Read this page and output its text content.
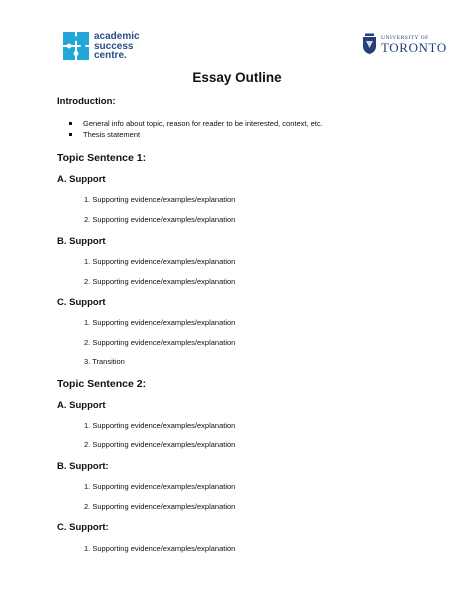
academic
success
centre.
UNIVERSITY OF
TORONTO
Essay Outline
Introduction:
General info about topic, reason for reader to be interested, context, etc.
Thesis statement
Topic Sentence 1:
A. Support
1. Supporting evidence/examples/explanation
2. Supporting evidence/examples/explanation
B. Support
1. Supporting evidence/examples/explanation
2. Supporting evidence/examples/explanation
C. Support
1. Supporting evidence/examples/explanation
2. Supporting evidence/examples/explanation
3. Transition
Topic Sentence 2:
A. Support
1. Supporting evidence/examples/explanation
2. Supporting evidence/examples/explanation
B. Support:
1. Supporting evidence/examples/explanation
2. Supporting evidence/examples/explanation
C. Support:
1. Supporting evidence/examples/explanation
